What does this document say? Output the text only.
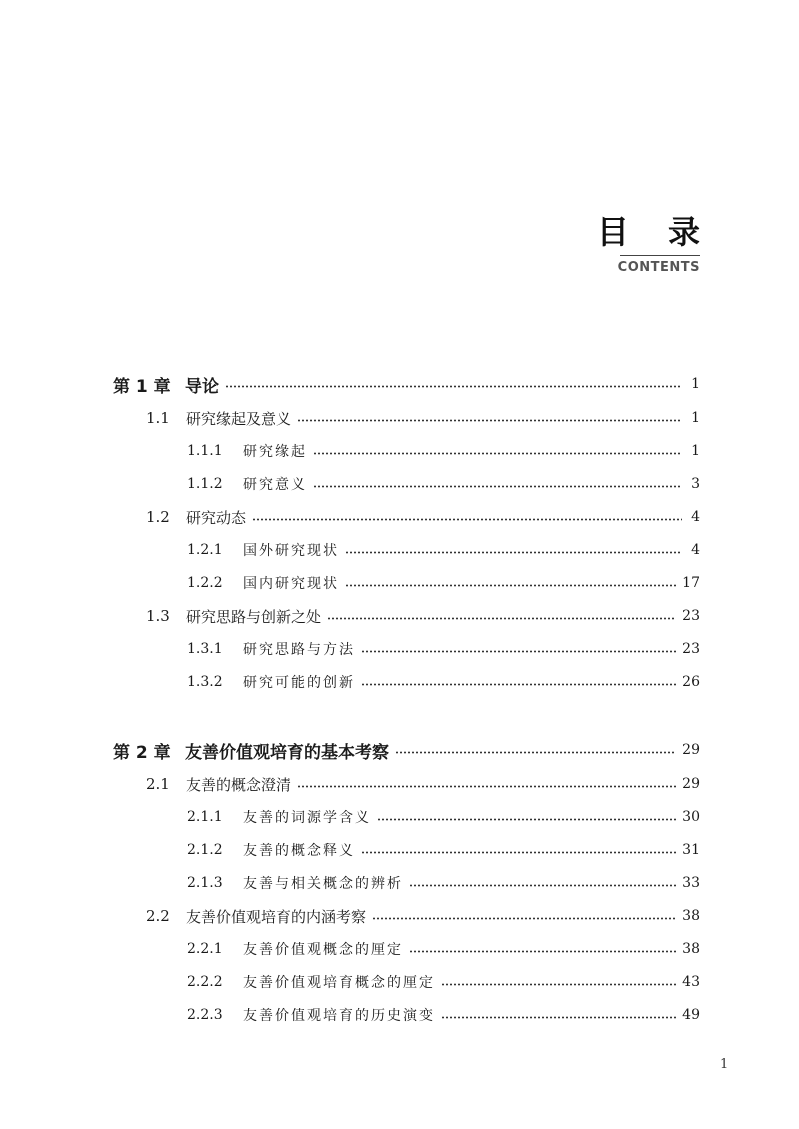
目 录
CONTENTS
第 1 章 导论	1
1.1	研究缘起及意义	1
1.1.1	研究缘起	1
1.1.2	研究意义	3
1.2	研究动态	4
1.2.1	国外研究现状	4
1.2.2	国内研究现状	17
1.3	研究思路与创新之处	23
1.3.1	研究思路与方法	23
1.3.2	研究可能的创新	26
第 2 章 友善价值观培育的基本考察	29
2.1	友善的概念澄清	29
2.1.1	友善的词源学含义	30
2.1.2	友善的概念释义	31
2.1.3	友善与相关概念的辨析	33
2.2	友善价值观培育的内涵考察	38
2.2.1	友善价值观概念的厘定	38
2.2.2	友善价值观培育概念的厘定	43
2.2.3	友善价值观培育的历史演变	49
1
